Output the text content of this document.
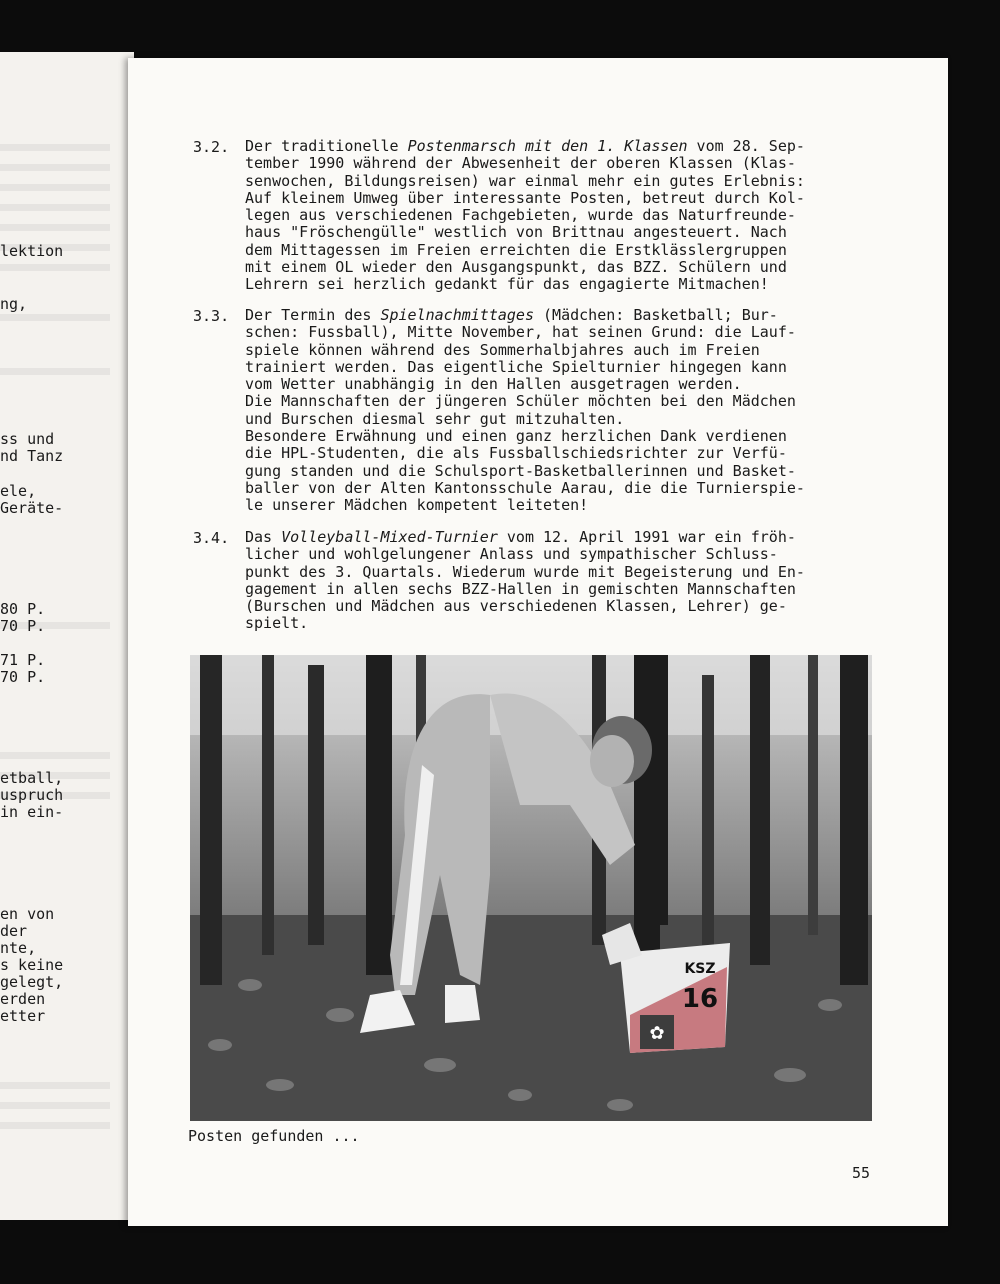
lektion
ng,
ss und
nd Tanz
ele,
Geräte-
80 P.
70 P.
71 P.
70 P.
etball,
uspruch
in ein-
en von
der
nte,
s keine
gelegt,
erden
etter
3.2. Der traditionelle Postenmarsch mit den 1. Klassen vom 28. Sep-
tember 1990 während der Abwesenheit der oberen Klassen (Klas-
senwochen, Bildungsreisen) war einmal mehr ein gutes Erlebnis:
Auf kleinem Umweg über interessante Posten, betreut durch Kol-
legen aus verschiedenen Fachgebieten, wurde das Naturfreunde-
haus "Fröschengülle" westlich von Brittnau angesteuert. Nach
dem Mittagessen im Freien erreichten die Erstklässlergruppen
mit einem OL wieder den Ausgangspunkt, das BZZ. Schülern und
Lehrern sei herzlich gedankt für das engagierte Mitmachen!
3.3. Der Termin des Spielnachmittages (Mädchen: Basketball; Bur-
schen: Fussball), Mitte November, hat seinen Grund: die Lauf-
spiele können während des Sommerhalbjahres auch im Freien
trainiert werden. Das eigentliche Spielturnier hingegen kann
vom Wetter unabhängig in den Hallen ausgetragen werden.
Die Mannschaften der jüngeren Schüler möchten bei den Mädchen
und Burschen diesmal sehr gut mitzuhalten.
Besondere Erwähnung und einen ganz herzlichen Dank verdienen
die HPL-Studenten, die als Fussballschiedsrichter zur Verfü-
gung standen und die Schulsport-Basketballerinnen und Basket-
baller von der Alten Kantonsschule Aarau, die die Turnierspie-
le unserer Mädchen kompetent leiteten!
3.4. Das Volleyball-Mixed-Turnier vom 12. April 1991 war ein fröh-
licher und wohlgelungener Anlass und sympathischer Schluss-
punkt des 3. Quartals. Wiederum wurde mit Begeisterung und En-
gagement in allen sechs BZZ-Hallen in gemischten Mannschaften
(Burschen und Mädchen aus verschiedenen Klassen, Lehrer) ge-
spielt.
✿
KSZ
16
Posten gefunden ...
55
